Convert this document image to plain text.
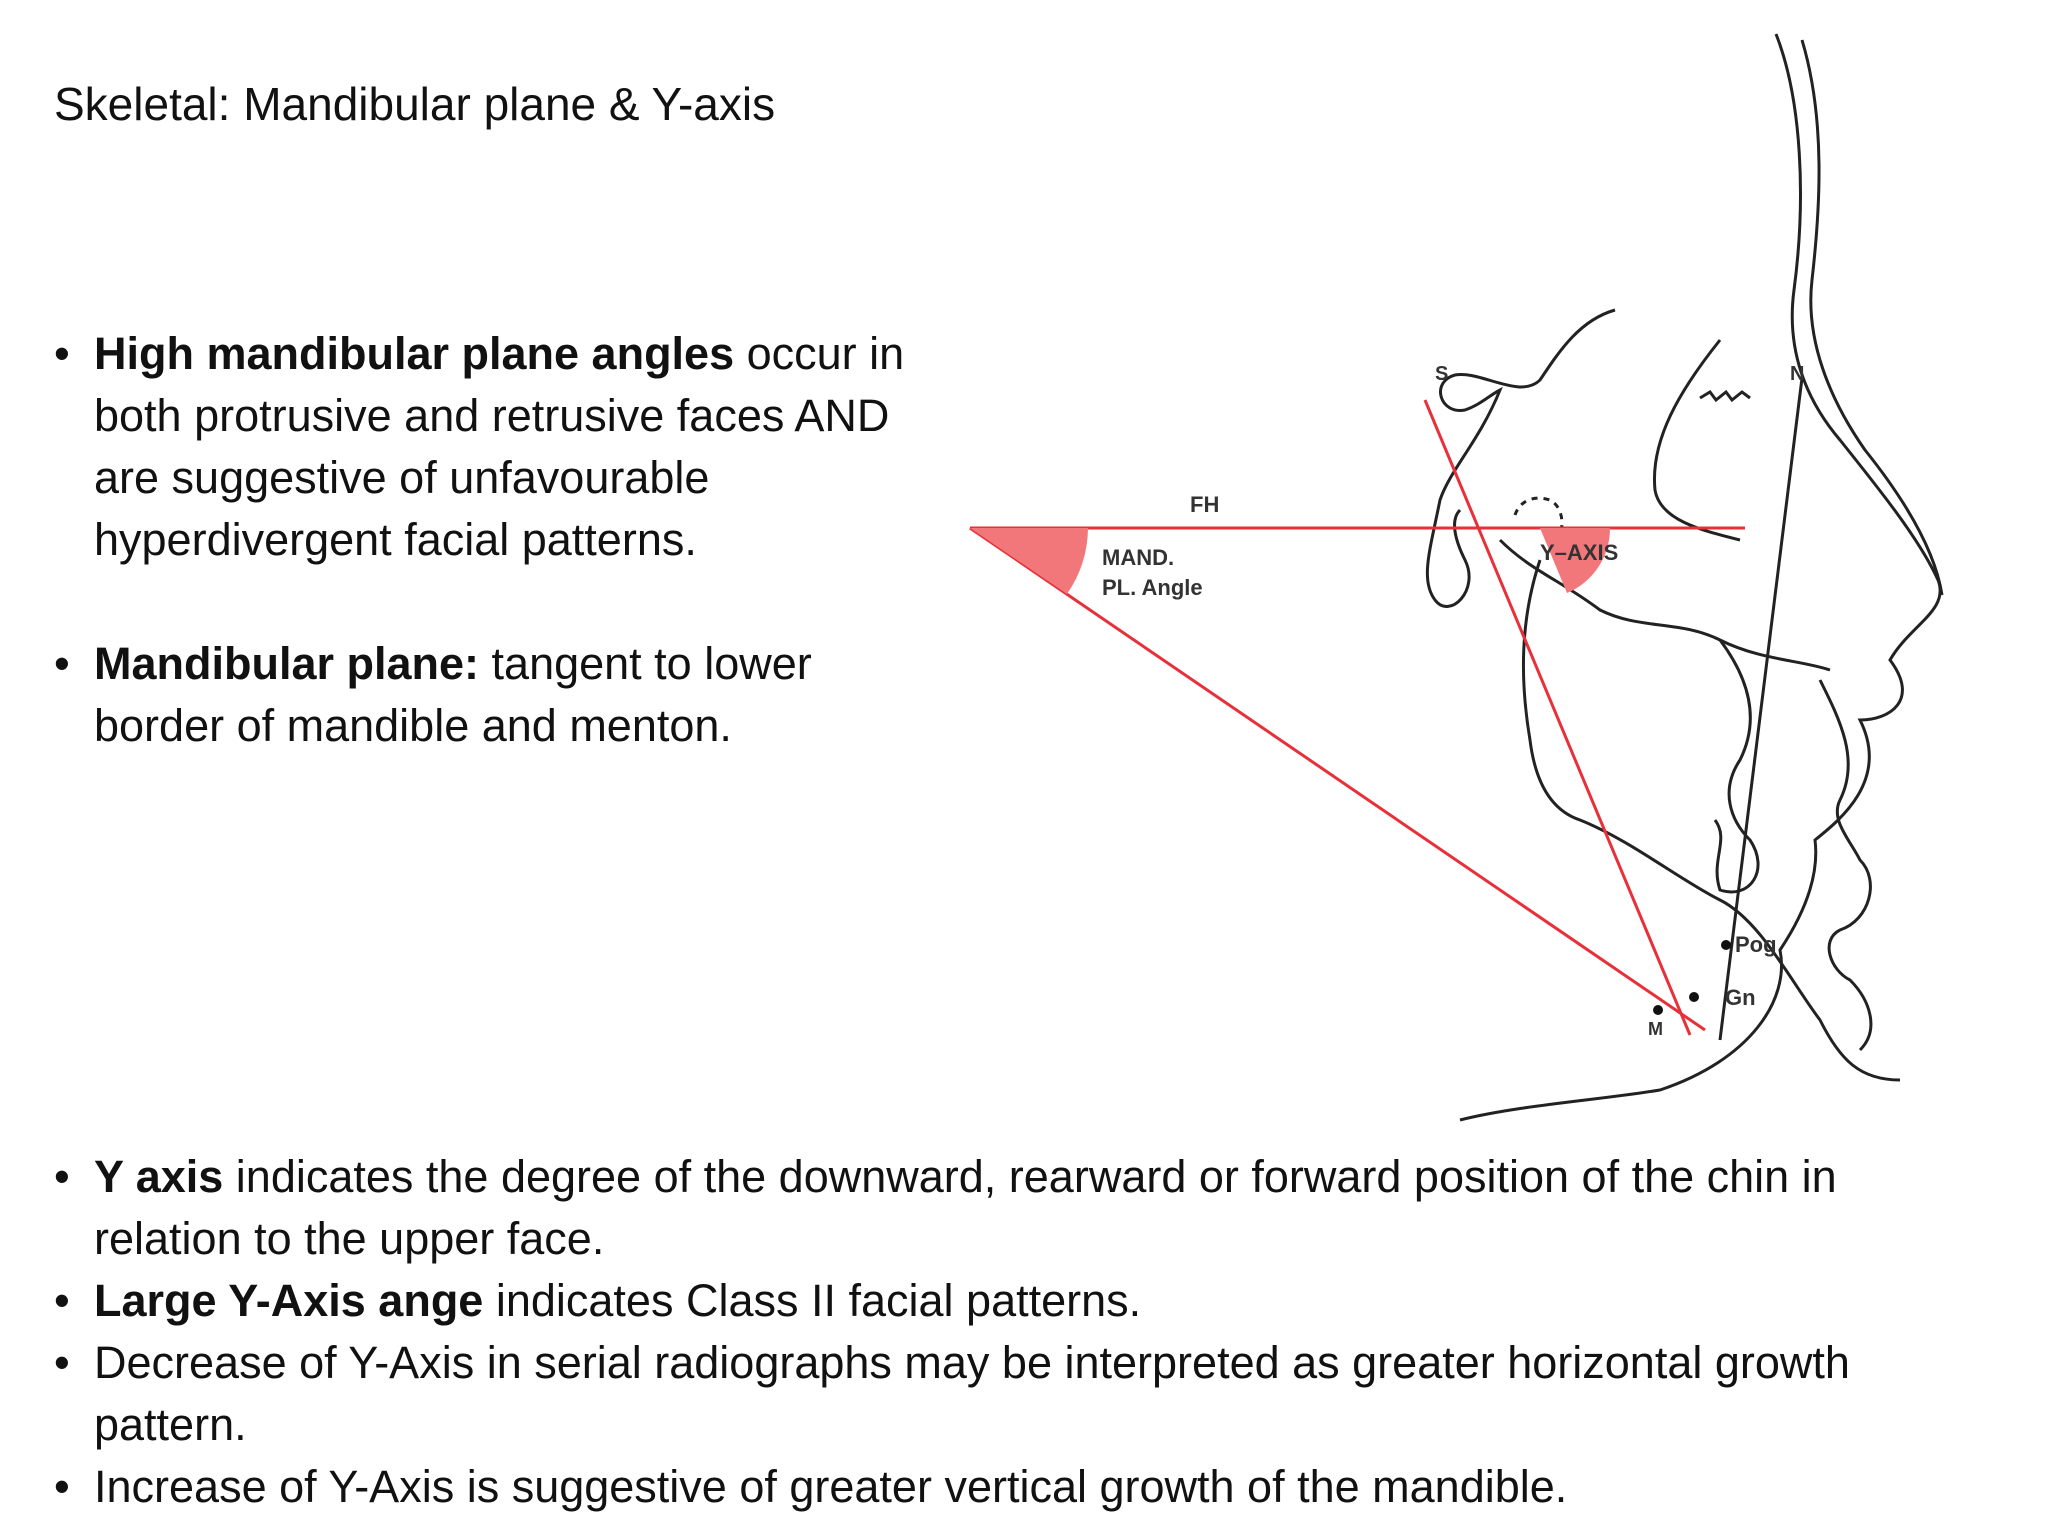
Skeletal: Mandibular plane & Y-axis
• High mandibular plane angles occur in both protrusive and retrusive faces AND are suggestive of unfavourable hyperdivergent facial patterns.
• Mandibular plane: tangent to lower border of mandible and menton.
FH
MAND.
PL. Angle
Y–AXIS
S	N
Pog
Gn
M
• Y axis indicates the degree of the downward, rearward or forward position of the chin in relation to the upper face.
• Large Y-Axis ange indicates Class II facial patterns.
• Decrease of Y-Axis in serial radiographs may be interpreted as greater horizontal growth pattern.
• Increase of Y-Axis is suggestive of greater vertical growth of the mandible.
